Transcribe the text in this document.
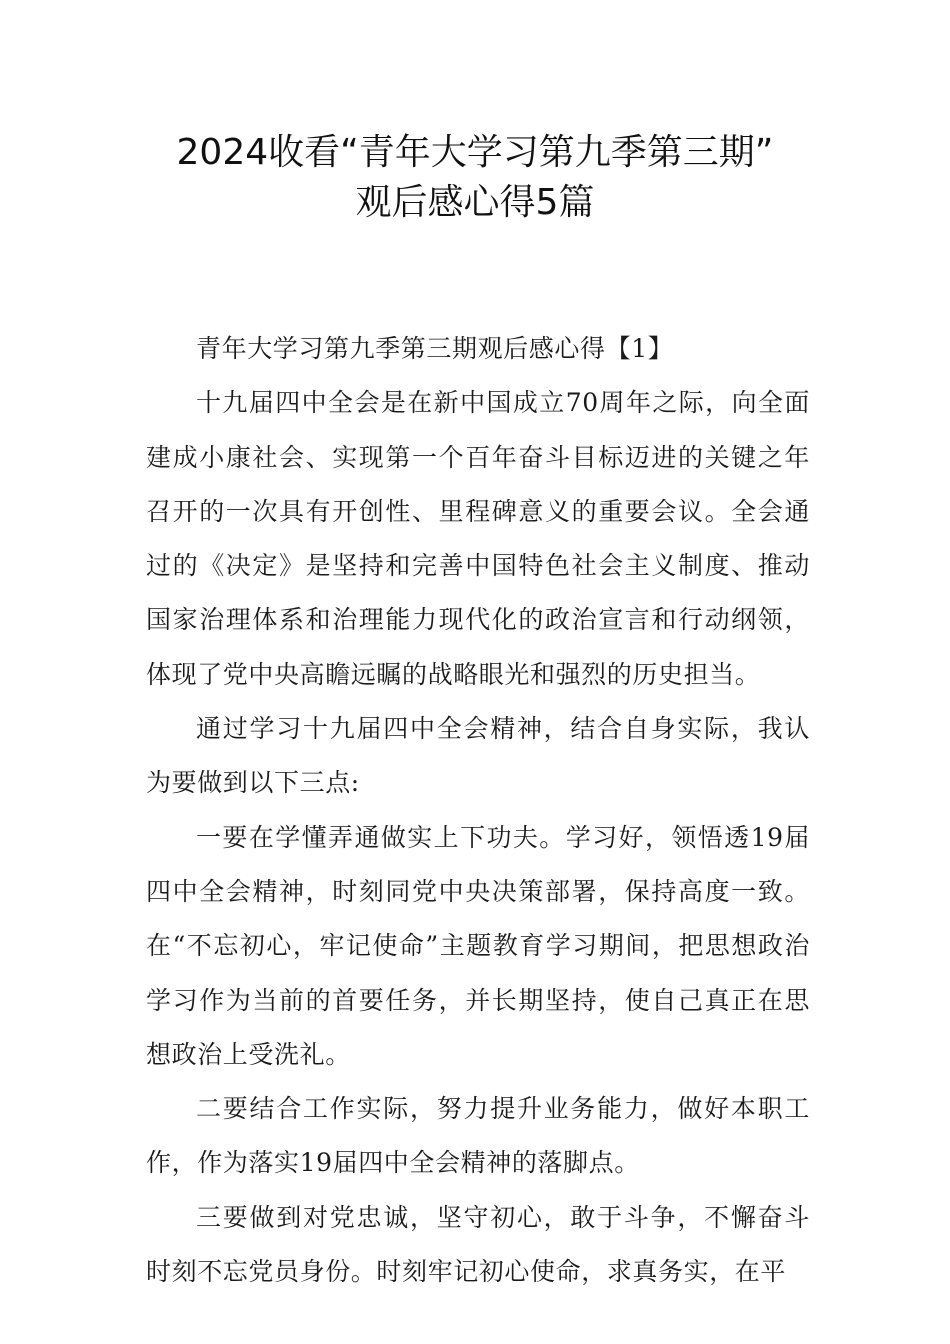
2024收看“青年大学习第九季第三期”
观后感心得5篇

青年大学习第九季第三期观后感心得【1】

十九届四中全会是在新中国成立70周年之际，向全面建成小康社会、实现第一个百年奋斗目标迈进的关键之年召开的一次具有开创性、里程碑意义的重要会议。全会通过的《决定》是坚持和完善中国特色社会主义制度、推动国家治理体系和治理能力现代化的政治宣言和行动纲领，体现了党中央高瞻远瞩的战略眼光和强烈的历史担当。

通过学习十九届四中全会精神，结合自身实际，我认为要做到以下三点:

一要在学懂弄通做实上下功夫。学习好，领悟透19届四中全会精神，时刻同党中央决策部署，保持高度一致。在“不忘初心，牢记使命”主题教育学习期间，把思想政治学习作为当前的首要任务，并长期坚持，使自己真正在思想政治上受洗礼。

二要结合工作实际，努力提升业务能力，做好本职工作，作为落实19届四中全会精神的落脚点。

三要做到对党忠诚，坚守初心，敢于斗争，不懈奋斗时刻不忘党员身份。时刻牢记初心使命，求真务实，在平
